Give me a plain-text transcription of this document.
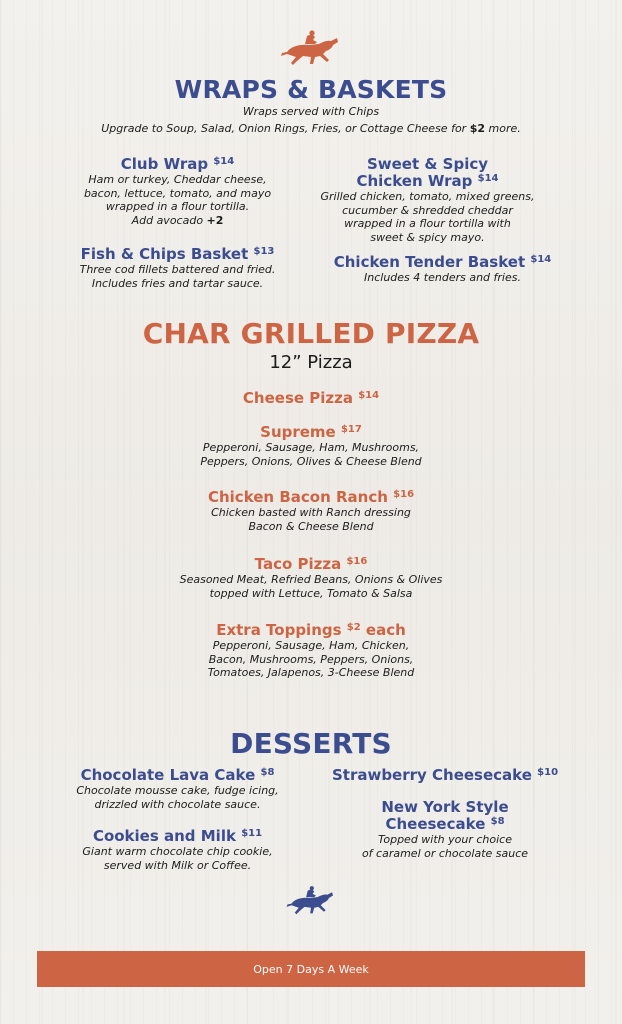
WRAPS & BASKETS
Wraps served with Chips
Upgrade to Soup, Salad, Onion Rings, Fries, or Cottage Cheese for $2 more.
Club Wrap $^{\$14}$
Ham or turkey, Cheddar cheese,
bacon, lettuce, tomato, and mayo
wrapped in a flour tortilla.
Add avocado +2
Sweet & Spicy
Chicken Wrap $^{\$14}$
Grilled chicken, tomato, mixed greens,
cucumber & shredded cheddar
wrapped in a flour tortilla with
sweet & spicy mayo.
Fish & Chips Basket $^{\$13}$
Three cod fillets battered and fried.
Includes fries and tartar sauce.
Chicken Tender Basket $^{\$14}$
Includes 4 tenders and fries.
CHAR GRILLED PIZZA
12” Pizza
Cheese Pizza $^{\$14}$
Supreme $^{\$17}$
Pepperoni, Sausage, Ham, Mushrooms,
Peppers, Onions, Olives & Cheese Blend
Chicken Bacon Ranch $^{\$16}$
Chicken basted with Ranch dressing
Bacon & Cheese Blend
Taco Pizza $^{\$16}$
Seasoned Meat, Refried Beans, Onions & Olives
topped with Lettuce, Tomato & Salsa
Extra Toppings $^{\$2}$ each
Pepperoni, Sausage, Ham, Chicken,
Bacon, Mushrooms, Peppers, Onions,
Tomatoes, Jalapenos, 3-Cheese Blend
DESSERTS
Chocolate Lava Cake $^{\$8}$
Chocolate mousse cake, fudge icing,
drizzled with chocolate sauce.
Strawberry Cheesecake $^{\$10}$
Cookies and Milk $^{\$11}$
Giant warm chocolate chip cookie,
served with Milk or Coffee.
New York Style
Cheesecake $^{\$8}$
Topped with your choice
of caramel or chocolate sauce
Open 7 Days A Week
